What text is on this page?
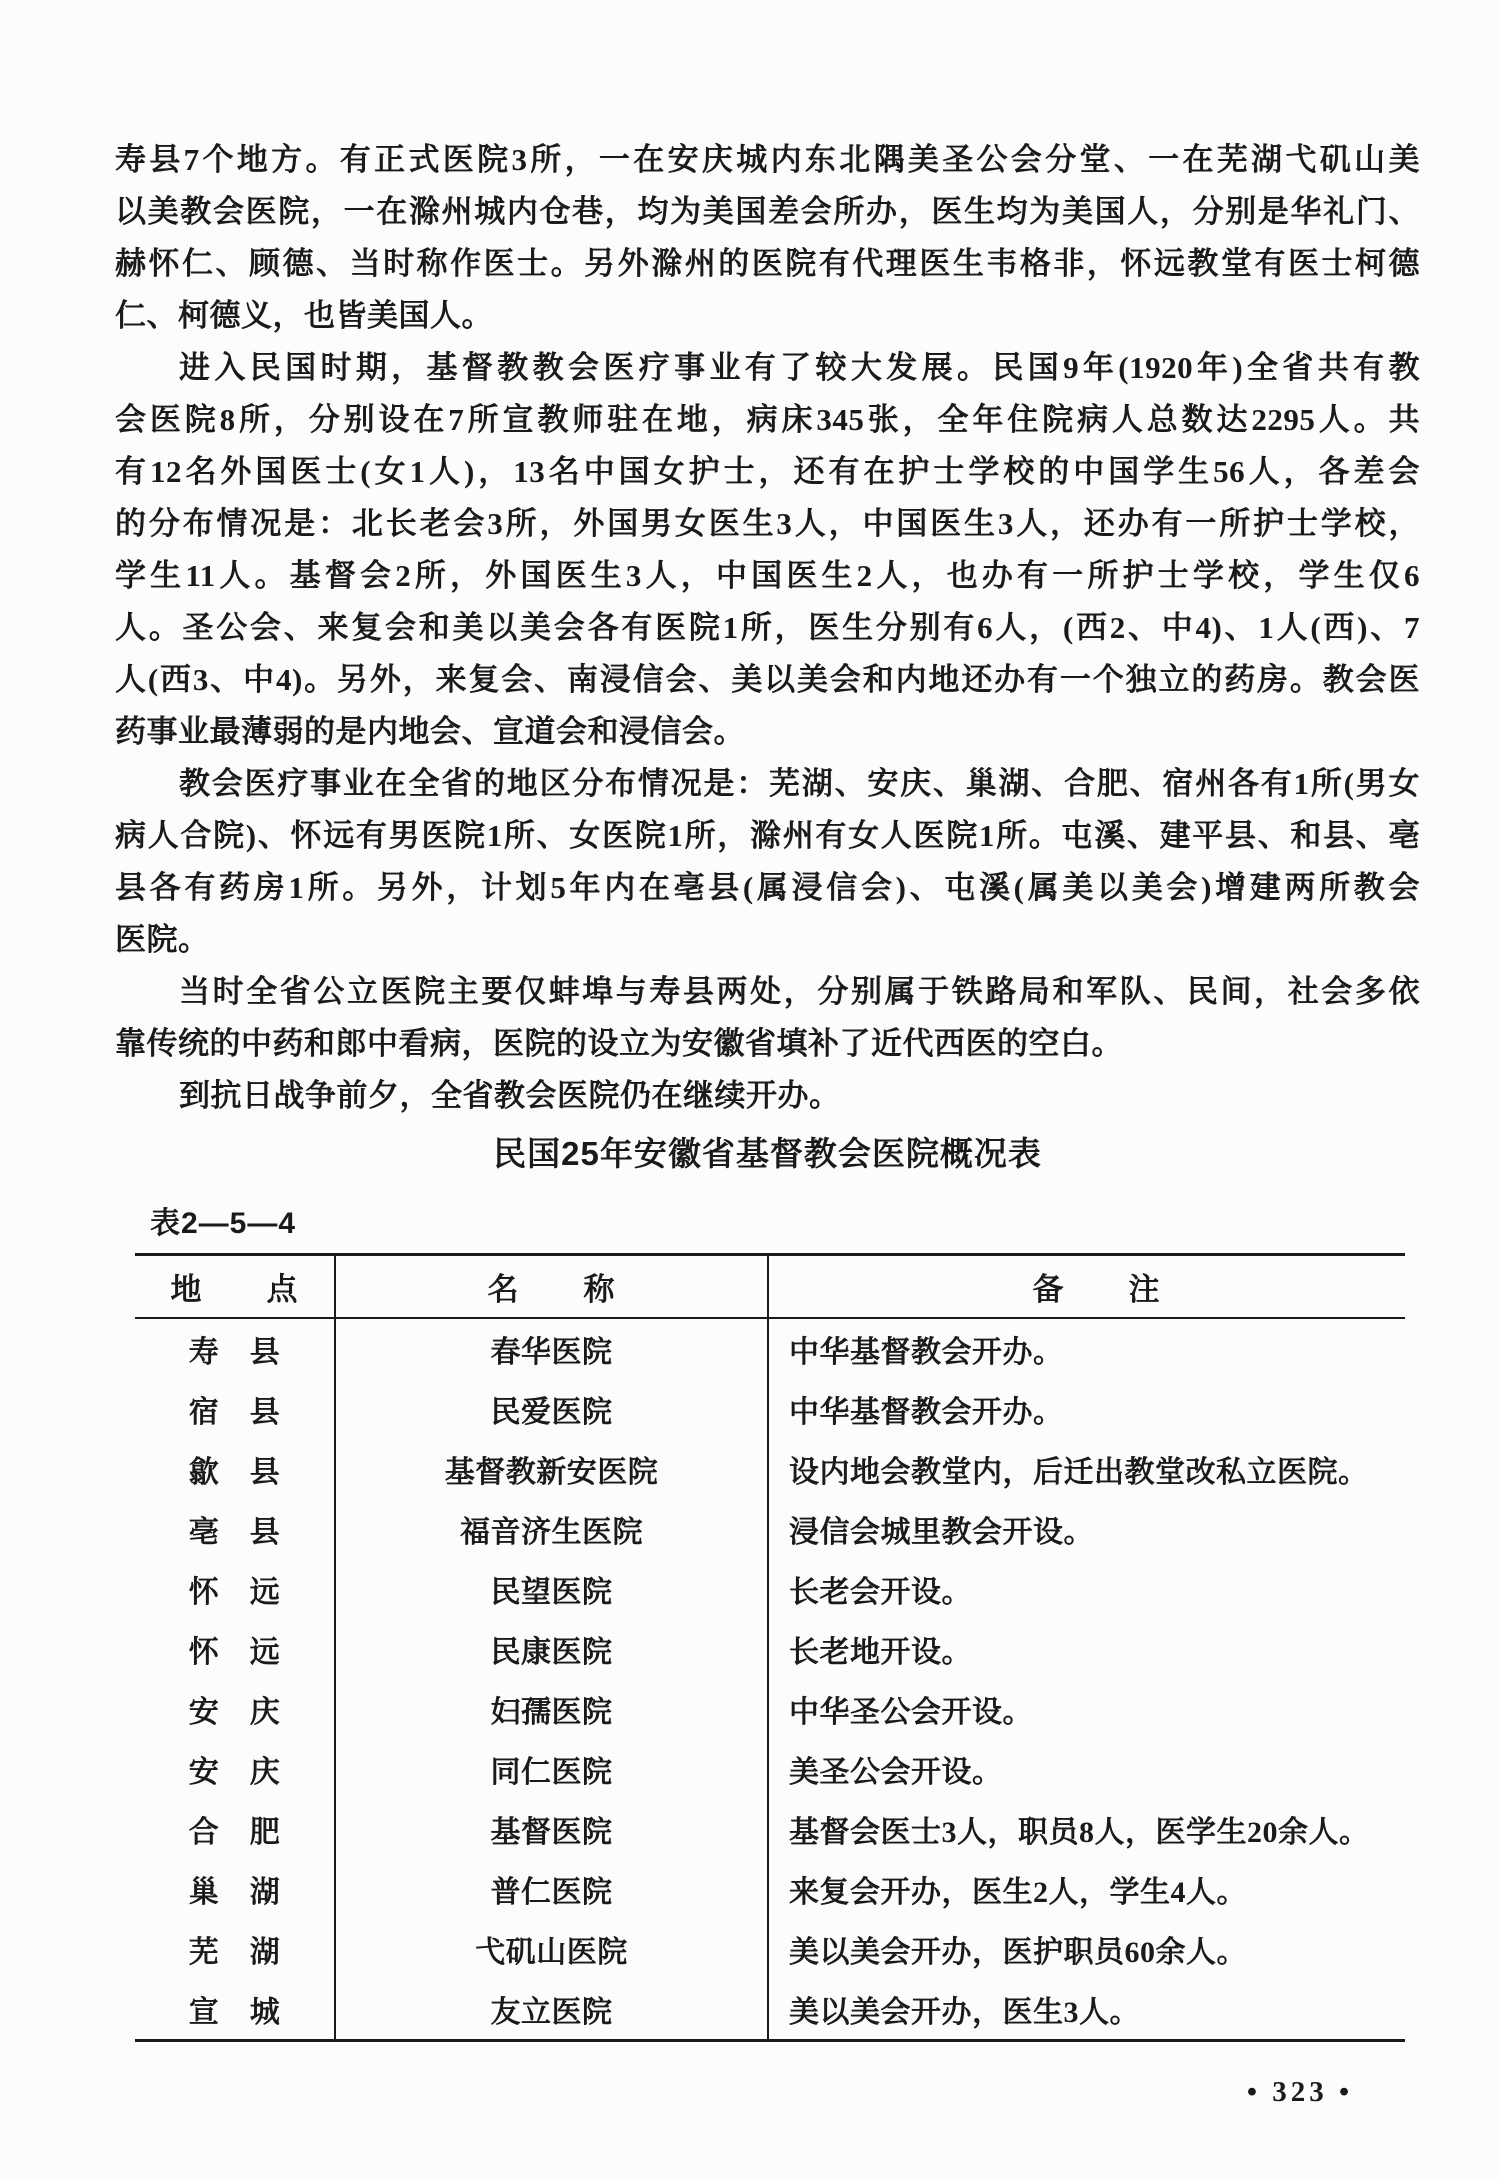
寿县7个地方。有正式医院3所，一在安庆城内东北隅美圣公会分堂、一在芜湖弋矶山美
以美教会医院，一在滁州城内仓巷，均为美国差会所办，医生均为美国人，分别是华礼门、
赫怀仁、顾德、当时称作医士。另外滁州的医院有代理医生韦格非，怀远教堂有医士柯德
仁、柯德义，也皆美国人。
进入民国时期，基督教教会医疗事业有了较大发展。民国9年(1920年)全省共有教
会医院8所，分别设在7所宣教师驻在地，病床345张，全年住院病人总数达2295人。共
有12名外国医士(女1人)，13名中国女护士，还有在护士学校的中国学生56人，各差会
的分布情况是：北长老会3所，外国男女医生3人，中国医生3人，还办有一所护士学校，
学生11人。基督会2所，外国医生3人，中国医生2人，也办有一所护士学校，学生仅6
人。圣公会、来复会和美以美会各有医院1所，医生分别有6人，(西2、中4)、1人(西)、7
人(西3、中4)。另外，来复会、南浸信会、美以美会和内地还办有一个独立的药房。教会医
药事业最薄弱的是内地会、宣道会和浸信会。
教会医疗事业在全省的地区分布情况是：芜湖、安庆、巢湖、合肥、宿州各有1所(男女
病人合院)、怀远有男医院1所、女医院1所，滁州有女人医院1所。屯溪、建平县、和县、亳
县各有药房1所。另外，计划5年内在亳县(属浸信会)、屯溪(属美以美会)增建两所教会
医院。
当时全省公立医院主要仅蚌埠与寿县两处，分别属于铁路局和军队、民间，社会多依
靠传统的中药和郎中看病，医院的设立为安徽省填补了近代西医的空白。
到抗日战争前夕，全省教会医院仍在继续开办。
民国25年安徽省基督教会医院概况表
表2—5—4
地　　点	名　　称	备　　注
寿　县	春华医院	中华基督教会开办。
宿　县	民爱医院	中华基督教会开办。
歙　县	基督教新安医院	设内地会教堂内，后迁出教堂改私立医院。
亳　县	福音济生医院	浸信会城里教会开设。
怀　远	民望医院	长老会开设。
怀　远	民康医院	长老地开设。
安　庆	妇孺医院	中华圣公会开设。
安　庆	同仁医院	美圣公会开设。
合　肥	基督医院	基督会医士3人，职员8人，医学生20余人。
巢　湖	普仁医院	来复会开办，医生2人，学生4人。
芜　湖	弋矶山医院	美以美会开办，医护职员60余人。
宣　城	友立医院	美以美会开办，医生3人。
• 323 •
